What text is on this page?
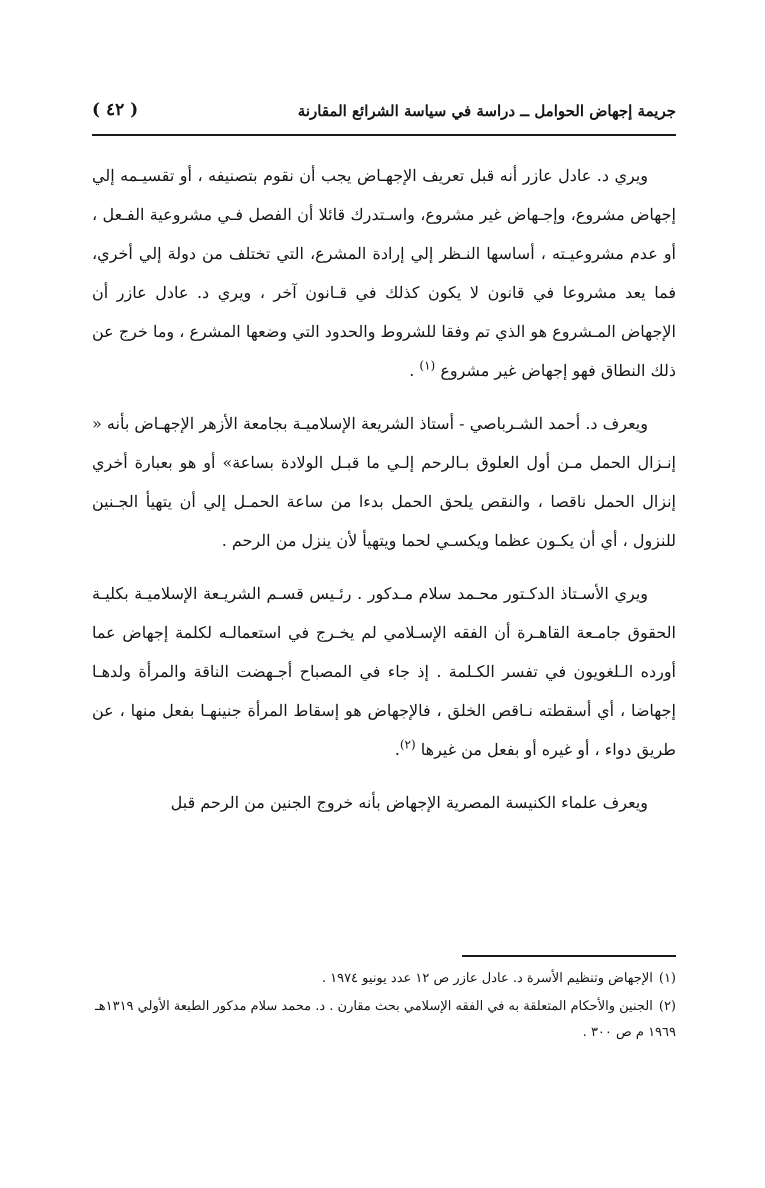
جريمة إجهاض الحوامل ــ دراسة في سياسة الشرائع المقارنة
( ٤٢ )

ويري د. عادل عازر أنه قبل تعريف الإجهـاض يجب أن نقوم بتصنيفه ، أو تقسيـمه إلي إجهاض مشروع، وإجـهاض غير مشروع، واسـتدرك قائلا أن الفصل فـي مشروعية الفـعل ، أو عدم مشروعيـته ، أساسها النـظر إلي إرادة المشرع، التي تختلف من دولة إلي أخري، فما يعد مشروعا في قانون لا يكون كذلك في قـانون آخر ، ويري د. عادل عازر أن الإجهاض المـشروع هو الذي تم وفقا للشروط والحدود التي وضعها المشرع ، وما خرج عن ذلك النطاق فهو إجهاض غير مشروع $^{(١)}$ .

ويعرف د. أحمد الشـرباصي - أستاذ الشريعة الإسلاميـة بجامعة الأزهر الإجهـاض بأنه « إنـزال الحمل مـن أول العلوق بـالرحم إلـي ما قبـل الولادة بساعة» أو هو بعبارة أخري إنزال الحمل ناقصا ، والنقص يلحق الحمل بدءا من ساعة الحمـل إلي أن يتهيأ الجـنين للنزول ، أي أن يكـون عظما ويكسـي لحما ويتهيأ لأن ينزل من الرحم .

ويري الأسـتاذ الدكـتور محـمد سلام مـدكور . رئـيس قسـم الشريـعة الإسلاميـة بكليـة الحقوق جامـعة القاهـرة أن الفقه الإسـلامي لم يخـرج في استعمالـه لكلمة إجهاض عما أورده الـلغويون في تفسر الكـلمة . إذ جاء في المصباح أجـهضت الناقة والمرأة ولدهـا إجهاضا ، أي أسقطته نـاقص الخلق ، فالإجهاض هو إسقاط المرأة جنينهـا بفعل منها ، عن طريق دواء ، أو غيره أو بفعل من غيرها $^{(٢)}$.

ويعرف علماء الكنيسة المصرية الإجهاض بأنه خروج الجنين من الرحم قبل

(١)الإجهاض وتنظيم الأسرة د. عادل عازر ص ١٢ عدد يونيو ١٩٧٤ .

(٢)الجنين والأحكام المتعلقة به في الفقه الإسلامي بحث مقارن . د. محمد سلام مدكور الطبعة الأولي ١٣١٩هـ ١٩٦٩ م ص ٣٠٠ .
